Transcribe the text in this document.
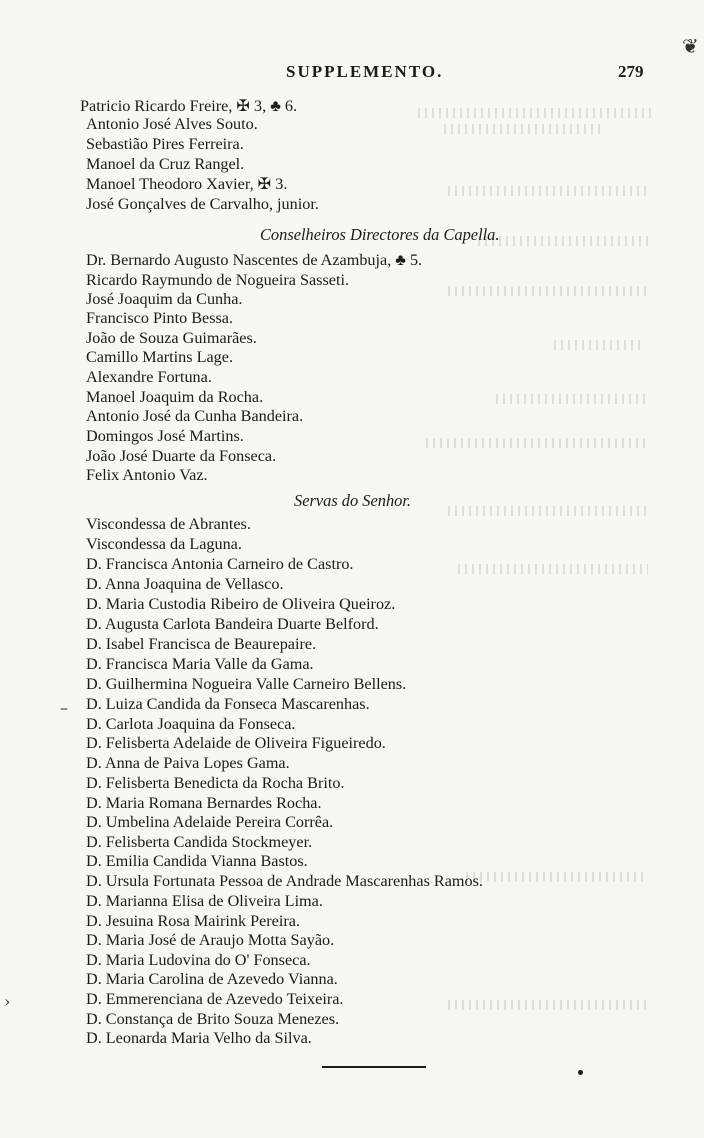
❦
SUPPLEMENTO.	279
Patricio Ricardo Freire, ✠ 3, ♣ 6.
Antonio José Alves Souto.
Sebastião Pires Ferreira.
Manoel da Cruz Rangel.
Manoel Theodoro Xavier, ✠ 3.
José Gonçalves de Carvalho, junior.
Conselheiros Directores da Capella.
Dr. Bernardo Augusto Nascentes de Azambuja, ♣ 5.
Ricardo Raymundo de Nogueira Sasseti.
José Joaquim da Cunha.
Francisco Pinto Bessa.
João de Souza Guimarães.
Camillo Martins Lage.
Alexandre Fortuna.
Manoel Joaquim da Rocha.
Antonio José da Cunha Bandeira.
Domingos José Martins.
João José Duarte da Fonseca.
Felix Antonio Vaz.
Servas do Senhor.
Viscondessa de Abrantes.
Viscondessa da Laguna.
D. Francisca Antonia Carneiro de Castro.
D. Anna Joaquina de Vellasco.
D. Maria Custodia Ribeiro de Oliveira Queiroz.
D. Augusta Carlota Bandeira Duarte Belford.
D. Isabel Francisca de Beaurepaire.
D. Francisca Maria Valle da Gama.
D. Guilhermina Nogueira Valle Carneiro Bellens.
D. Luiza Candida da Fonseca Mascarenhas.
D. Carlota Joaquina da Fonseca.
D. Felisberta Adelaide de Oliveira Figueiredo.
D. Anna de Paiva Lopes Gama.
D. Felisberta Benedicta da Rocha Brito.
D. Maria Romana Bernardes Rocha.
D. Umbelina Adelaide Pereira Corrêa.
D. Felisberta Candida Stockmeyer.
D. Emilia Candida Vianna Bastos.
D. Ursula Fortunata Pessoa de Andrade Mascarenhas Ramos.
D. Marianna Elisa de Oliveira Lima.
D. Jesuina Rosa Mairink Pereira.
D. Maria José de Araujo Motta Sayão.
D. Maria Ludovina do O' Fonseca.
D. Maria Carolina de Azevedo Vianna.
D. Emmerenciana de Azevedo Teixeira.
D. Constança de Brito Souza Menezes.
D. Leonarda Maria Velho da Silva.
–
›
